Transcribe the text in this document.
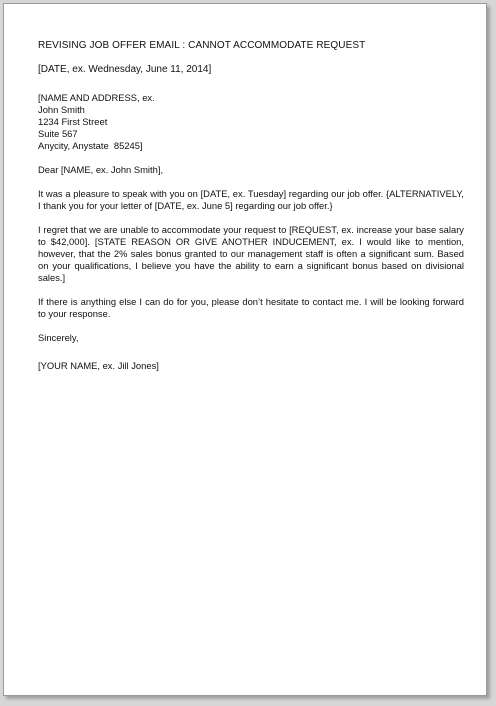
REVISING JOB OFFER EMAIL : CANNOT ACCOMMODATE REQUEST
[DATE, ex. Wednesday, June 11, 2014]
[NAME AND ADDRESS, ex.
John Smith
1234 First Street
Suite 567
Anycity, Anystate  85245]
Dear [NAME, ex. John Smith],
It was a pleasure to speak with you on [DATE, ex. Tuesday] regarding our job offer. {ALTERNATIVELY, I thank you for your letter of [DATE, ex. June 5] regarding our job offer.}
I regret that we are unable to accommodate your request to [REQUEST, ex. increase your base salary to $42,000]. [STATE REASON OR GIVE ANOTHER INDUCEMENT, ex. I would like to mention, however, that the 2% sales bonus granted to our management staff is often a significant sum. Based on your qualifications, I believe you have the ability to earn a significant bonus based on divisional sales.]
If there is anything else I can do for you, please don’t hesitate to contact me. I will be looking forward to your response.
Sincerely,
[YOUR NAME, ex. Jill Jones]
